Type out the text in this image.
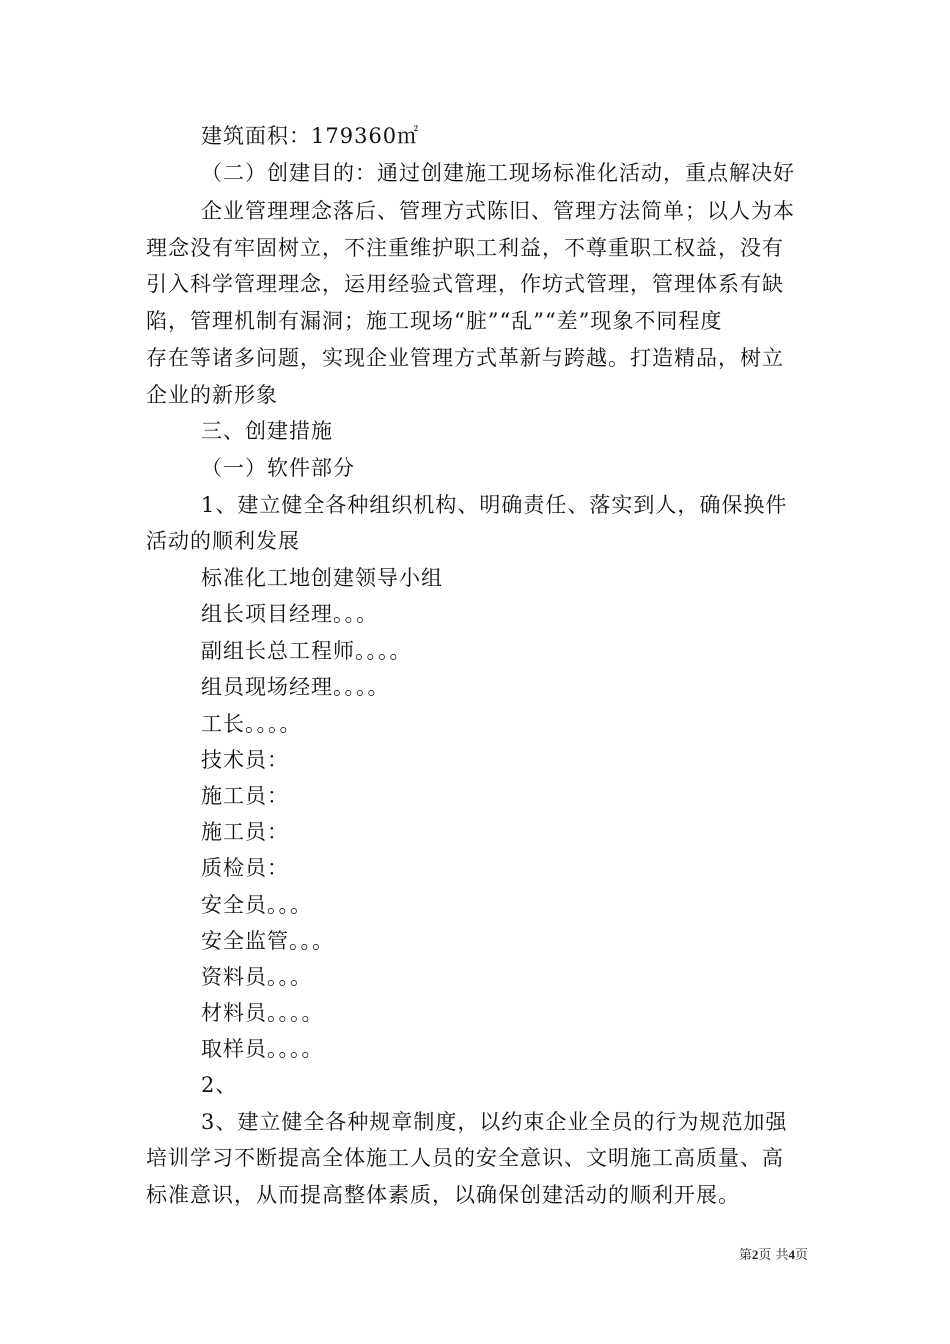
建筑面积：179360㎡
（二）创建目的：通过创建施工现场标准化活动，重点解决好
企业管理理念落后、管理方式陈旧、管理方法简单；以人为本
理念没有牢固树立，不注重维护职工利益，不尊重职工权益，没有
引入科学管理理念，运用经验式管理，作坊式管理，管理体系有缺
陷，管理机制有漏洞；施工现场“脏”“乱”“差”现象不同程度
存在等诸多问题，实现企业管理方式革新与跨越。打造精品，树立
企业的新形象
三、创建措施
（一）软件部分
1、建立健全各种组织机构、明确责任、落实到人，确保换件
活动的顺利发展
标准化工地创建领导小组
组长项目经理。。。
副组长总工程师。。。。
组员现场经理。。。。
工长。。。。
技术员：
施工员：
施工员：
质检员：
安全员。。。
安全监管。。。
资料员。。。
材料员。。。。
取样员。。。。
2、
3、建立健全各种规章制度，以约束企业全员的行为规范加强
培训学习不断提高全体施工人员的安全意识、文明施工高质量、高
标准意识，从而提高整体素质，以确保创建活动的顺利开展。
第2页 共4页
